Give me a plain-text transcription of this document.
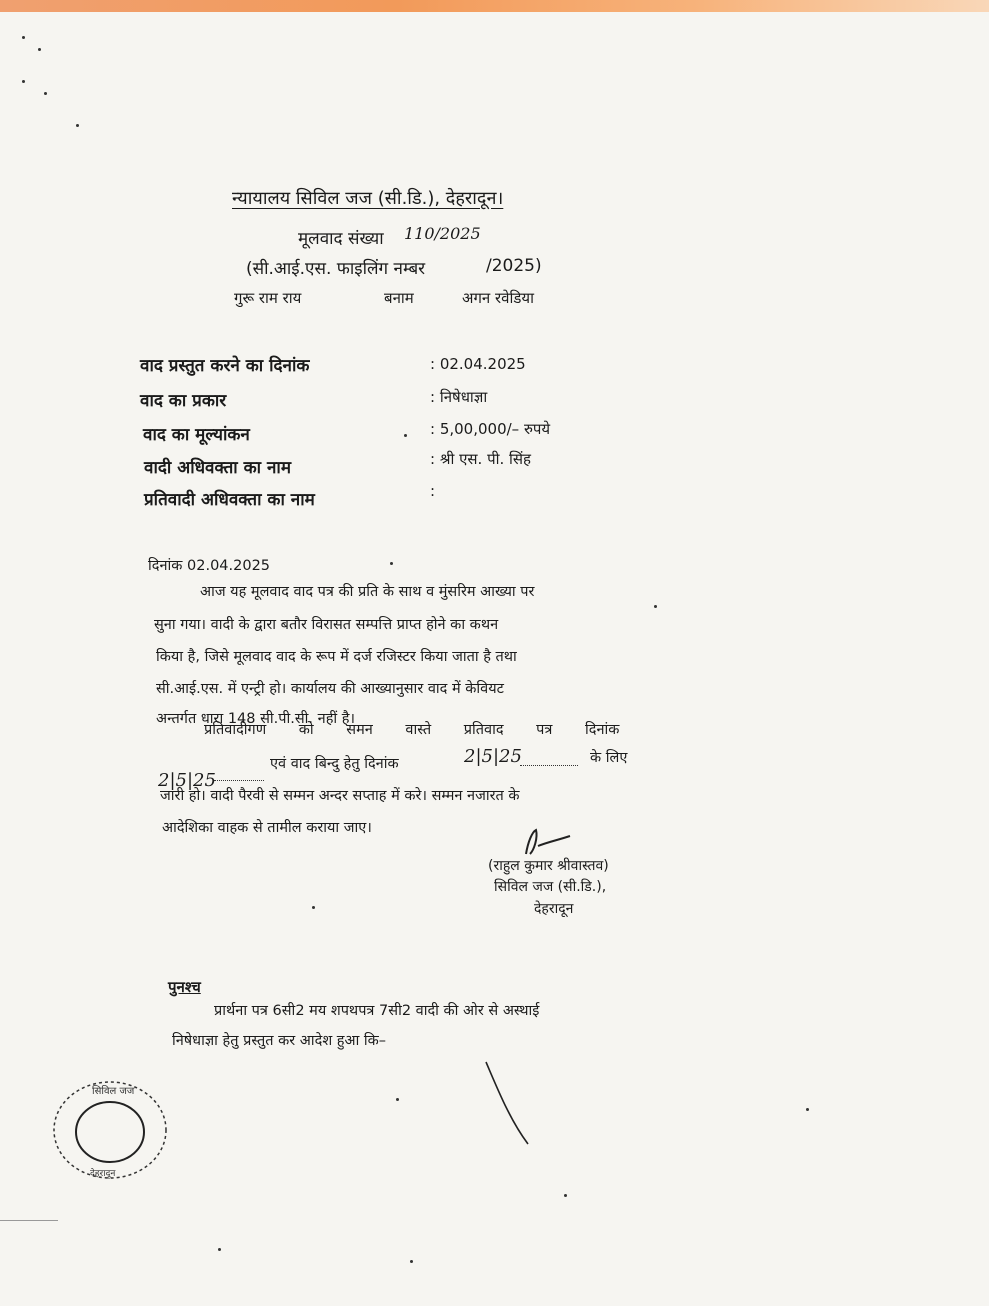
न्यायालय सिविल जज (सी.डि.), देहरादून।
मूलवाद संख्या 110/2025
(सी.आई.एस. फाइलिंग नम्बर	/2025)
गुरू राम राय	बनाम	अगन रवेडिया
वाद प्रस्तुत करने का दिनांक	: 02.04.2025
वाद का प्रकार	: निषेधाज्ञा
वाद का मूल्यांकन	: 5,00,000/– रुपये
वादी अधिवक्ता का नाम	: श्री एस. पी. सिंह
प्रतिवादी अधिवक्ता का नाम	:
दिनांक 02.04.2025
आज यह मूलवाद वाद पत्र की प्रति के साथ व मुंसरिम आख्या पर
सुना गया। वादी के द्वारा बतौर विरासत सम्पत्ति प्राप्त होने का कथन
किया है, जिसे मूलवाद वाद के रूप में दर्ज रजिस्टर किया जाता है तथा
सी.आई.एस. में एन्ट्री हो। कार्यालय की आख्यानुसार वाद में केवियट
अन्तर्गत धारा 148 सी.पी.सी. नहीं है।
प्रतिवादीगण को समन वास्ते प्रतिवाद पत्र दिनांक
2|5|25
एवं वाद बिन्दु हेतु दिनांक	2|5|25	के लिए
जारी हो। वादी पैरवी से सम्मन अन्दर सप्ताह में करे। सम्मन नजारत के
आदेशिका वाहक से तामील कराया जाए।
(राहुल कुमार श्रीवास्तव)
सिविल जज (सी.डि.),
देहरादून
पुनश्च
प्रार्थना पत्र 6सी2 मय शपथपत्र 7सी2 वादी की ओर से अस्थाई
निषेधाज्ञा हेतु प्रस्तुत कर आदेश हुआ कि–
सिविल जज
देहरादून
